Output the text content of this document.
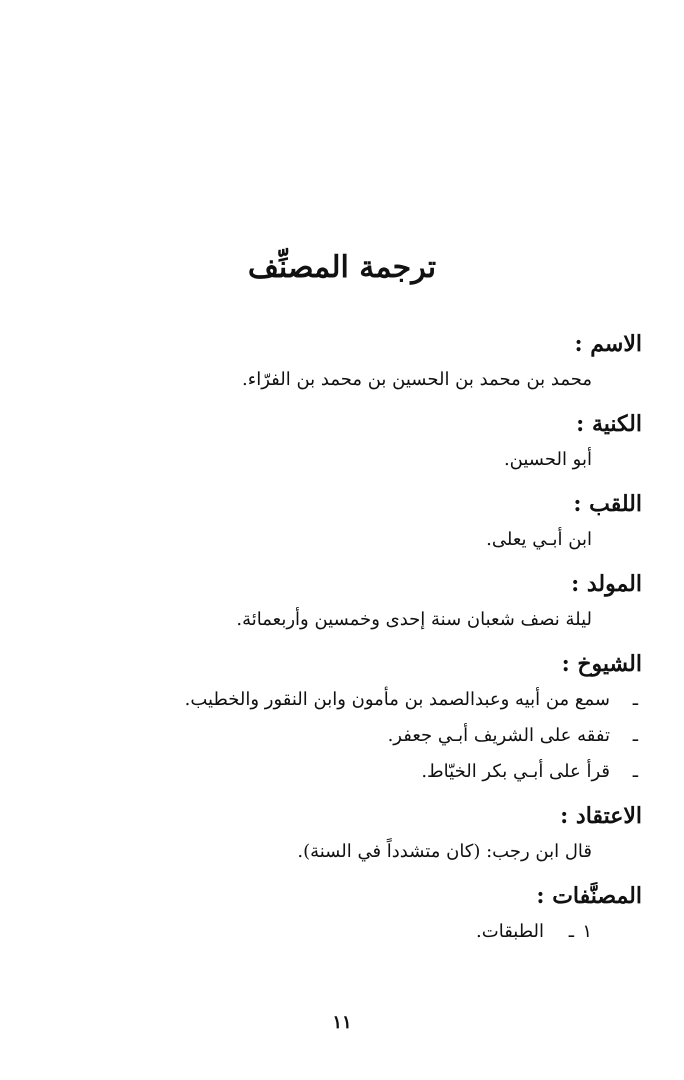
ترجمة المصنِّف

الاسم :

محمد بن محمد بن الحسين بن محمد بن الفرّاء.

الكنية :

أبو الحسين.

اللقب :

ابن أبـي يعلى.

المولد :

ليلة نصف شعبان سنة إحدى وخمسين وأربعمائة.

الشيوخ :

ـسمع من أبيه وعبدالصمد بن مأمون وابن النقور والخطيب.
ـتفقه على الشريف أبـي جعفر.
ـقرأ على أبـي بكر الخيّاط.

الاعتقاد :

قال ابن رجب: (كان متشدداً في السنة).

المصنَّفات :

١ـالطبقات.
١١
